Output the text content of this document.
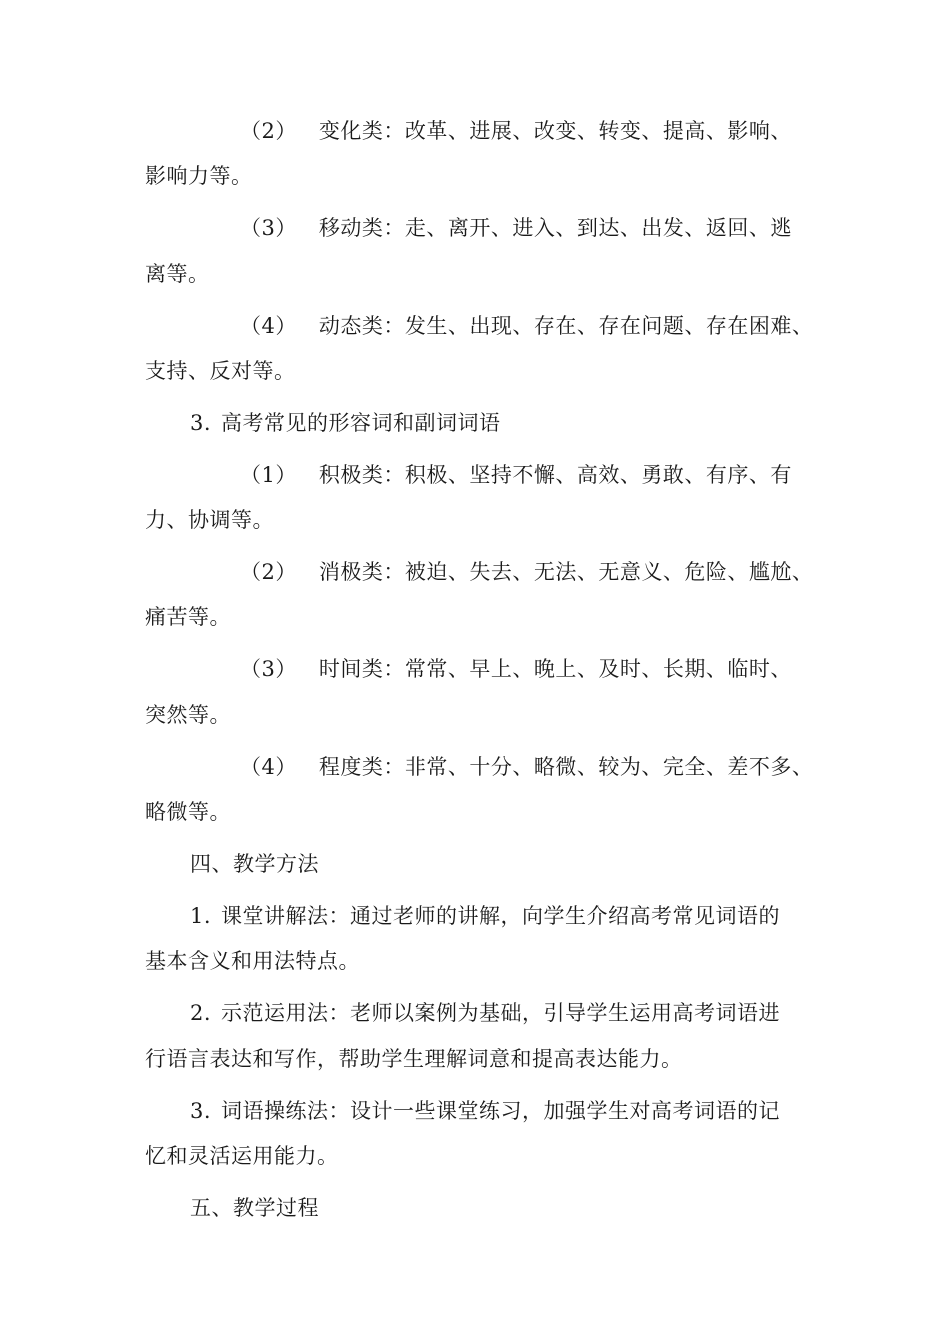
（2） 变化类：改革、进展、改变、转变、提高、影响、
影响力等。
（3） 移动类：走、离开、进入、到达、出发、返回、逃
离等。
（4） 动态类：发生、出现、存在、存在问题、存在困难、
支持、反对等。
3. 高考常见的形容词和副词词语
（1） 积极类：积极、坚持不懈、高效、勇敢、有序、有
力、协调等。
（2） 消极类：被迫、失去、无法、无意义、危险、尴尬、
痛苦等。
（3） 时间类：常常、早上、晚上、及时、长期、临时、
突然等。
（4） 程度类：非常、十分、略微、较为、完全、差不多、
略微等。
四、教学方法
1. 课堂讲解法：通过老师的讲解，向学生介绍高考常见词语的
基本含义和用法特点。
2. 示范运用法：老师以案例为基础，引导学生运用高考词语进
行语言表达和写作，帮助学生理解词意和提高表达能力。
3. 词语操练法：设计一些课堂练习，加强学生对高考词语的记
忆和灵活运用能力。
五、教学过程
